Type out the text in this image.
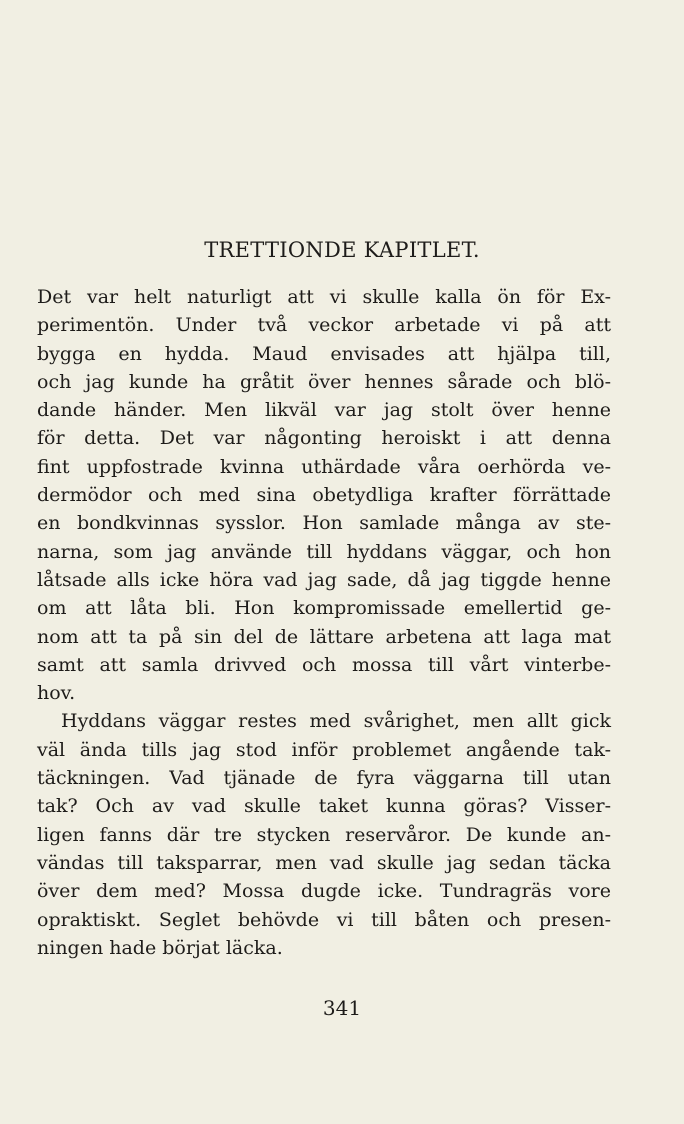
TRETTIONDE KAPITLET.
Det var helt naturligt att vi skulle kalla ön för Ex-
perimentön. Under två veckor arbetade vi på att
bygga en hydda. Maud envisades att hjälpa till,
och jag kunde ha gråtit över hennes sårade och blö-
dande händer. Men likväl var jag stolt över henne
för detta. Det var någonting heroiskt i att denna
fint uppfostrade kvinna uthärdade våra oerhörda ve-
dermödor och med sina obetydliga krafter förrättade
en bondkvinnas sysslor. Hon samlade många av ste-
narna, som jag använde till hyddans väggar, och hon
låtsade alls icke höra vad jag sade, då jag tiggde henne
om att låta bli. Hon kompromissade emellertid ge-
nom att ta på sin del de lättare arbetena att laga mat
samt att samla drivved och mossa till vårt vinterbe-
hov.
Hyddans väggar restes med svårighet, men allt gick
väl ända tills jag stod inför problemet angående tak-
täckningen. Vad tjänade de fyra väggarna till utan
tak? Och av vad skulle taket kunna göras? Visser-
ligen fanns där tre stycken reservåror. De kunde an-
vändas till taksparrar, men vad skulle jag sedan täcka
över dem med? Mossa dugde icke. Tundragräs vore
opraktiskt. Seglet behövde vi till båten och presen-
ningen hade börjat läcka.
341
